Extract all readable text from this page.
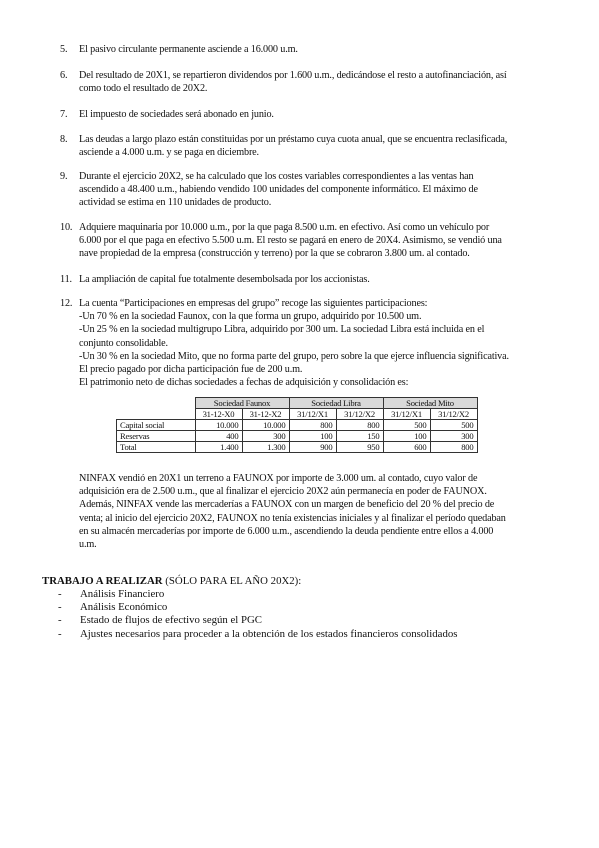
5.	El pasivo circulante permanente asciende a 16.000 u.m.
6.	Del resultado de 20X1, se repartieron dividendos por 1.600 u.m., dedicándose el resto a autofinanciación, así
como todo el resultado de 20X2.
7.	El impuesto de sociedades será abonado en junio.
8.	Las deudas a largo plazo están constituidas por un préstamo cuya cuota anual, que se encuentra reclasificada,
asciende a 4.000 u.m. y se paga en diciembre.
9.	Durante el ejercicio 20X2, se ha calculado que los costes variables correspondientes a las ventas han
ascendido a 48.400 u.m., habiendo vendido 100 unidades del componente informático. El máximo de
actividad se estima en 110 unidades de producto.
10. Adquiere maquinaria por 10.000 u.m., por la que paga 8.500 u.m. en efectivo. Así como un vehículo por
6.000 por el que paga en efectivo 5.500 u.m. El resto se pagará en enero de 20X4. Asimismo, se vendió una
nave propiedad de la empresa (construcción y terreno) por la que se cobraron 3.800 um. al contado.
11. La ampliación de capital fue totalmente desembolsada por los accionistas.
12. La cuenta “Participaciones en empresas del grupo” recoge las siguientes participaciones:
-Un 70 % en la sociedad Faunox, con la que forma un grupo, adquirido por 10.500 um.
-Un 25 % en la sociedad multigrupo Libra, adquirido por 300 um. La sociedad Libra está incluida en el
conjunto consolidable.
-Un 30 % en la sociedad Mito, que no forma parte del grupo, pero sobre la que ejerce influencia significativa.
El precio pagado por dicha participación fue de 200 u.m.
El patrimonio neto de dichas sociedades a fechas de adquisición y consolidación es:
	Sociedad Faunox		Sociedad Libra		Sociedad Mito	
	31-12-X0	31-12-X2	31/12/X1	31/12/X2	31/12/X1	31/12/X2
Capital social	10.000	10.000	800	800	500	500
Reservas	400	300	100	150	100	300
Total	1.400	1.300	900	950	600	800
NINFAX vendió en 20X1 un terreno a FAUNOX por importe de 3.000 um. al contado, cuyo valor de
adquisición era de 2.500 u.m., que al finalizar el ejercicio 20X2 aún permanecía en poder de FAUNOX.
Además, NINFAX vende las mercaderías a FAUNOX con un margen de beneficio del 20 % del precio de
venta; al inicio del ejercicio 20X2, FAUNOX no tenía existencias iniciales y al finalizar el período quedaban
en su almacén mercaderías por importe de 6.000 u.m., ascendiendo la deuda pendiente entre ellos a 4.000
u.m.
TRABAJO A REALIZAR (SÓLO PARA EL AÑO 20X2):
- Análisis Financiero
- Análisis Económico
- Estado de flujos de efectivo según el PGC
- Ajustes necesarios para proceder a la obtención de los estados financieros consolidados
